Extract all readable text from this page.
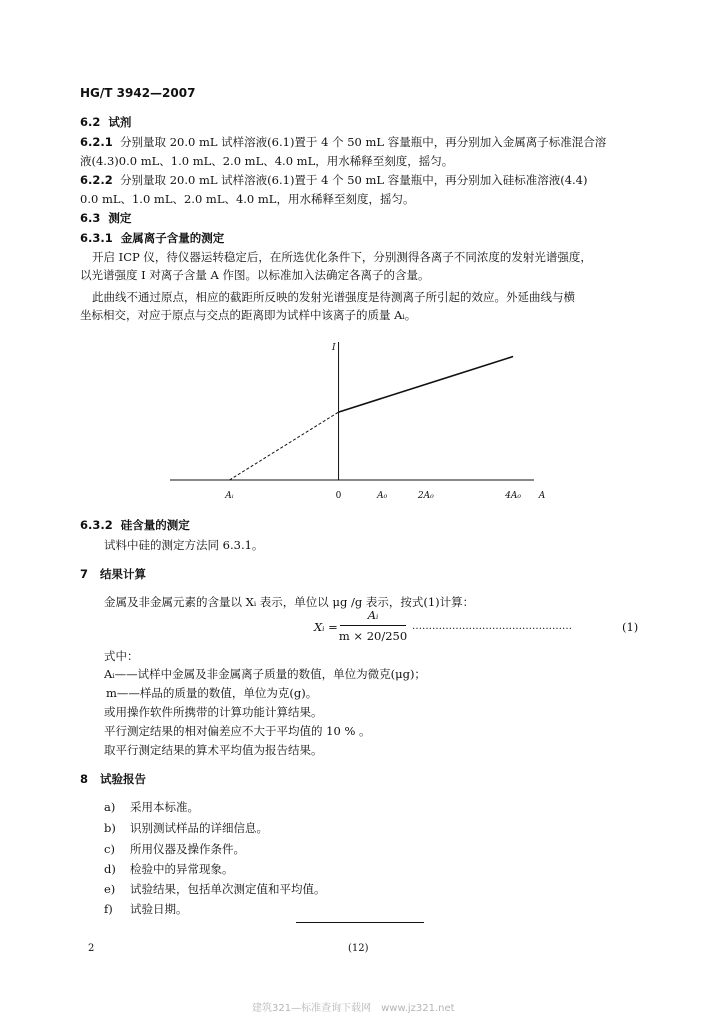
HG/T 3942—2007
6.2 试剂
6.2.1 分别量取 20.0 mL 试样溶液(6.1)置于 4 个 50 mL 容量瓶中，再分别加入金属离子标准混合溶
液(4.3)0.0 mL、1.0 mL、2.0 mL、4.0 mL，用水稀释至刻度，摇匀。
6.2.2 分别量取 20.0 mL 试样溶液(6.1)置于 4 个 50 mL 容量瓶中，再分别加入硅标准溶液(4.4)
0.0 mL、1.0 mL、2.0 mL、4.0 mL，用水稀释至刻度，摇匀。
6.3 测定
6.3.1 金属离子含量的测定
开启 ICP 仪，待仪器运转稳定后，在所选优化条件下，分别测得各离子不同浓度的发射光谱强度，
以光谱强度 I 对离子含量 A 作图。以标准加入法确定各离子的含量。
此曲线不通过原点，相应的截距所反映的发射光谱强度是待测离子所引起的效应。外延曲线与横
坐标相交，对应于原点与交点的距离即为试样中该离子的质量 Aᵢ。
I
Aᵢ	0	A₀	2A₀	4A₀ A
6.3.2 硅含量的测定
试料中硅的测定方法同 6.3.1。
7 结果计算
金属及非金属元素的含量以 Xᵢ 表示，单位以 μg /g 表示，按式(1)计算：
Xᵢ =
Aᵢ
m × 20/250
…………………………………………	(1)
式中：
Aᵢ——试样中金属及非金属离子质量的数值，单位为微克(μg)；
m——样品的质量的数值，单位为克(g)。
或用操作软件所携带的计算功能计算结果。
平行测定结果的相对偏差应不大于平均值的 10 % 。
取平行测定结果的算术平均值为报告结果。
8 试验报告
a) 采用本标准。
b) 识别测试样品的详细信息。
c) 所用仪器及操作条件。
d) 检验中的异常现象。
e) 试验结果，包括单次测定值和平均值。
f) 试验日期。
2	(12)
建筑321—标准查询下载网　www.jz321.net
